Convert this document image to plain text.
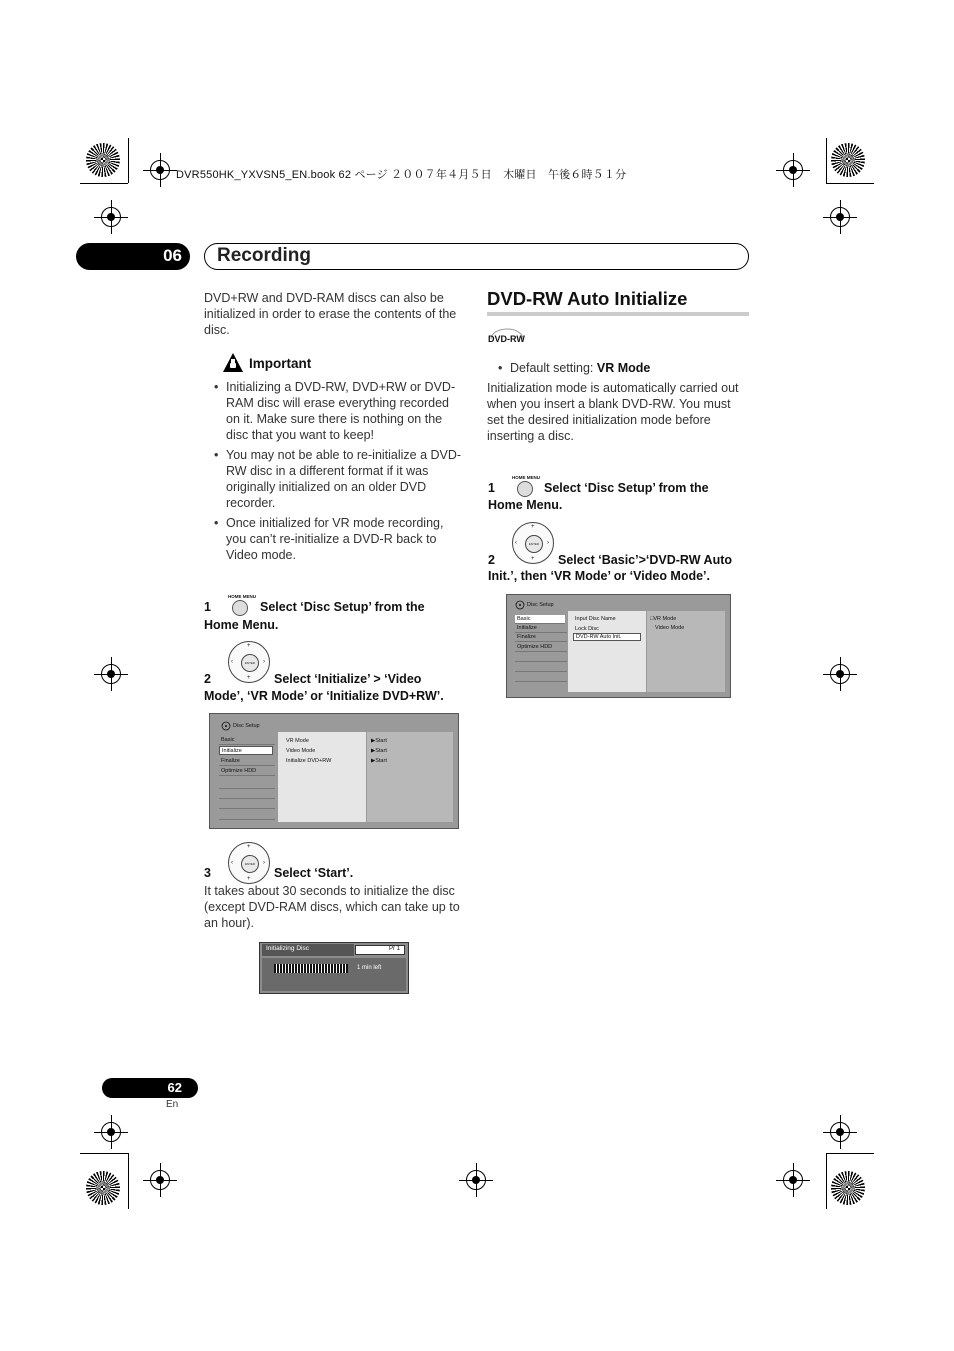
DVR550HK_YXVSN5_EN.book 62 ページ ２００７年４月５日　木曜日　午後６時５１分
06 Recording
DVD+RW and DVD-RAM discs can also be initialized in order to erase the contents of the disc.
Important
• Initializing a DVD-RW, DVD+RW or DVD-RAM disc will erase everything recorded on it. Make sure there is nothing on the disc that you want to keep!
• You may not be able to re-initialize a DVD-RW disc in a different format if it was originally initialized on an older DVD recorder.
• Once initialized for VR mode recording, you can’t re-initialize a DVD-R back to Video mode.
1
HOME MENU
Select ‘Disc Setup’ from the
Home Menu.
+
+
‹	›
ENTER
2	Select ‘Initialize’ > ‘Video
Mode’, ‘VR Mode’ or ‘Initialize DVD+RW’.
Disc Setup
Basic
Initialize
Finalize
Optimize HDD
VR Mode
Video Mode
Initialize DVD+RW
▶Start
▶Start
▶Start
+
+
‹	›
ENTER
3	Select ‘Start’.
It takes about 30 seconds to initialize the disc (except DVD-RAM discs, which can take up to an hour).
Initializing Disc	Pr 1
1 min left
DVD-RW Auto Initialize
DVD-RW
• Default setting: VR Mode
Initialization mode is automatically carried out when you insert a blank DVD-RW. You must set the desired initialization mode before inserting a disc.
HOME MENU
1	Select ‘Disc Setup’ from the
Home Menu.
+
+
‹	›
ENTER
2	Select ‘Basic’>‘DVD-RW Auto
Init.’, then ‘VR Mode’ or ‘Video Mode’.
Disc Setup
Basic
Initialize
Finalize
Optimize HDD
Input Disc Name
Lock Disc
DVD-RW Auto Init.
□VR Mode
Video Mode
62
En
